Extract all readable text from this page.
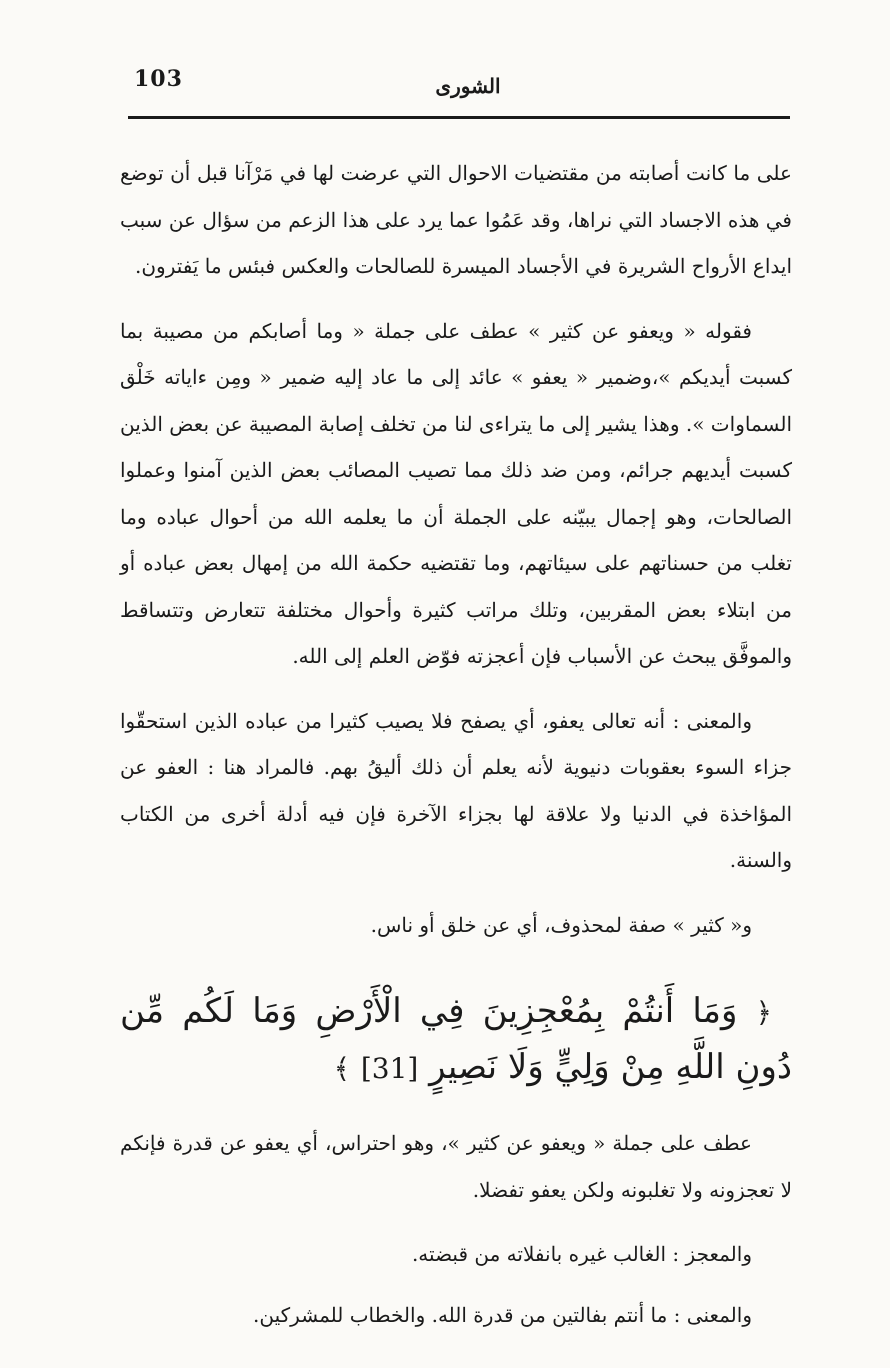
103	الشورى

على ما كانت أصابته من مقتضيات الاحوال التي عرضت لها في مَرْآنا قبل أن توضع في هذه الاجساد التي نراها، وقد عَمُوا عما يرد على هذا الزعم من سؤال عن سبب ايداع الأرواح الشريرة في الأجساد الميسرة للصالحات والعكس فبئس ما يَفترون.

فقوله « ويعفو عن كثير » عطف على جملة « وما أصابكم من مصيبة بما كسبت أيديكم »،وضمير « يعفو » عائد إلى ما عاد إليه ضمير « ومِن ءاياته خَلْق السماوات ». وهذا يشير إلى ما يتراءى لنا من تخلف إصابة المصيبة عن بعض الذين كسبت أيديهم جرائم، ومن ضد ذلك مما تصيب المصائب بعض الذين آمنوا وعملوا الصالحات، وهو إجمال يبيّنه على الجملة أن ما يعلمه الله من أحوال عباده وما تغلب من حسناتهم على سيئاتهم، وما تقتضيه حكمة الله من إمهال بعض عباده أو من ابتلاء بعض المقربين، وتلك مراتب كثيرة وأحوال مختلفة تتعارض وتتساقط والموفَّق يبحث عن الأسباب فإن أعجزته فوّض العلم إلى الله.

والمعنى : أنه تعالى يعفو، أي يصفح فلا يصيب كثيرا من عباده الذين استحقّوا جزاء السوء بعقوبات دنيوية لأنه يعلم أن ذلك أليقُ بهم. فالمراد هنا : العفو عن المؤاخذة في الدنيا ولا علاقة لها بجزاء الآخرة فإن فيه أدلة أخرى من الكتاب والسنة.

و« كثير » صفة لمحذوف، أي عن خلق أو ناس.

﴿ وَمَا أَنتُمْ بِمُعْجِزِينَ فِي الْأَرْضِ وَمَا لَكُم مِّن دُونِ اللَّهِ مِنْ وَلِيٍّ وَلَا نَصِيرٍ [31] ﴾

عطف على جملة « ويعفو عن كثير »، وهو احتراس، أي يعفو عن قدرة فإنكم لا تعجزونه ولا تغلبونه ولكن يعفو تفضلا.

والمعجز : الغالب غيره بانفلاته من قبضته.

والمعنى : ما أنتم بفالتين من قدرة الله. والخطاب للمشركين.
